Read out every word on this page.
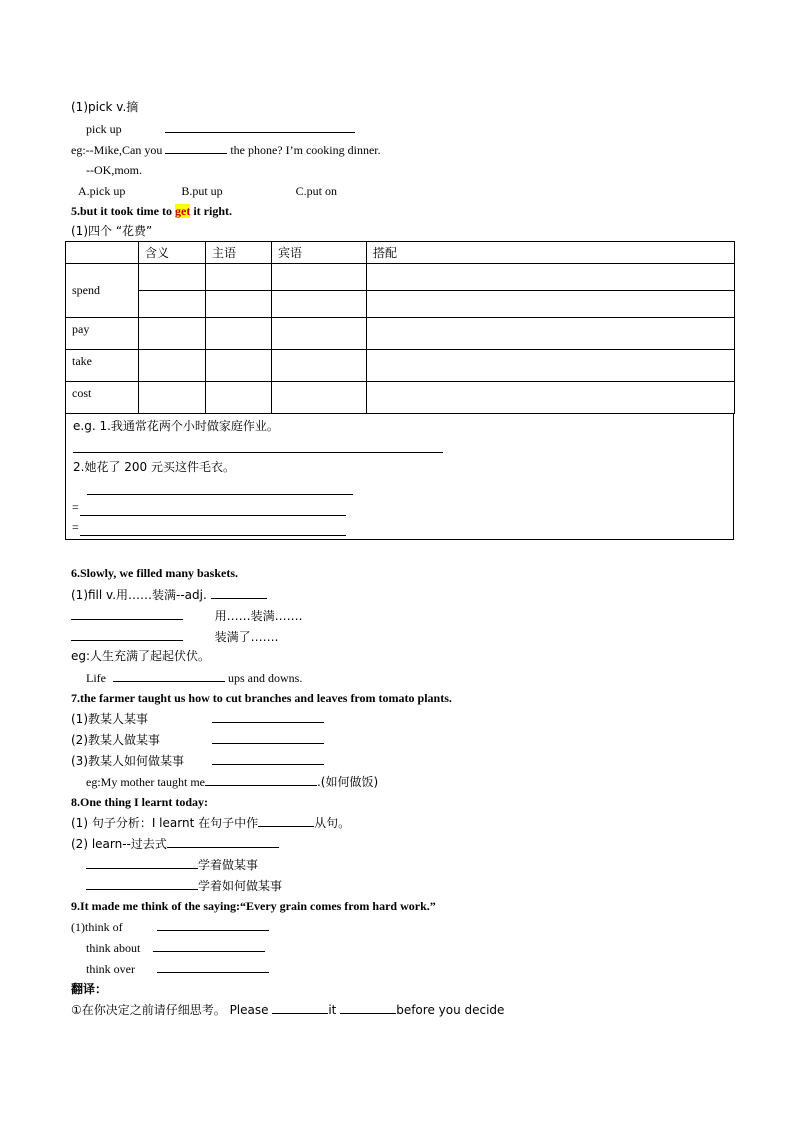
(1)pick v.摘
pick up
eg:--Mike,Can you	the phone? I’m cooking dinner.
--OK,mom.
A.pick up	B.put up	C.put on
5.but it took time to get it right.
(1)四个 “花费”
	含义	主语	宾语	搭配
spend				

pay				
take				
cost				
e.g. 1.我通常花两个小时做家庭作业。
2.她花了 200 元买这件毛衣。
=
=
6.Slowly, we filled many baskets.
(1)fill v.用……装满--adj.
用……装满…….
装满了…….
eg:人生充满了起起伏伏。
Life	ups and downs.
7.the farmer taught us how to cut branches and leaves from tomato plants.
(1)教某人某事
(2)教某人做某事
(3)教某人如何做某事
eg:My mother taught me	.(如何做饭)
8.One thing I learnt today:
(1) 句子分析：I learnt 在句子中作	从句。
(2) learn--过去式
学着做某事
学着如何做某事
9.It made me think of the saying:“Every grain comes from hard work.”
(1)think of
think about
think over
翻译：
①在你决定之前请仔细思考。 Please	it	before you decide
